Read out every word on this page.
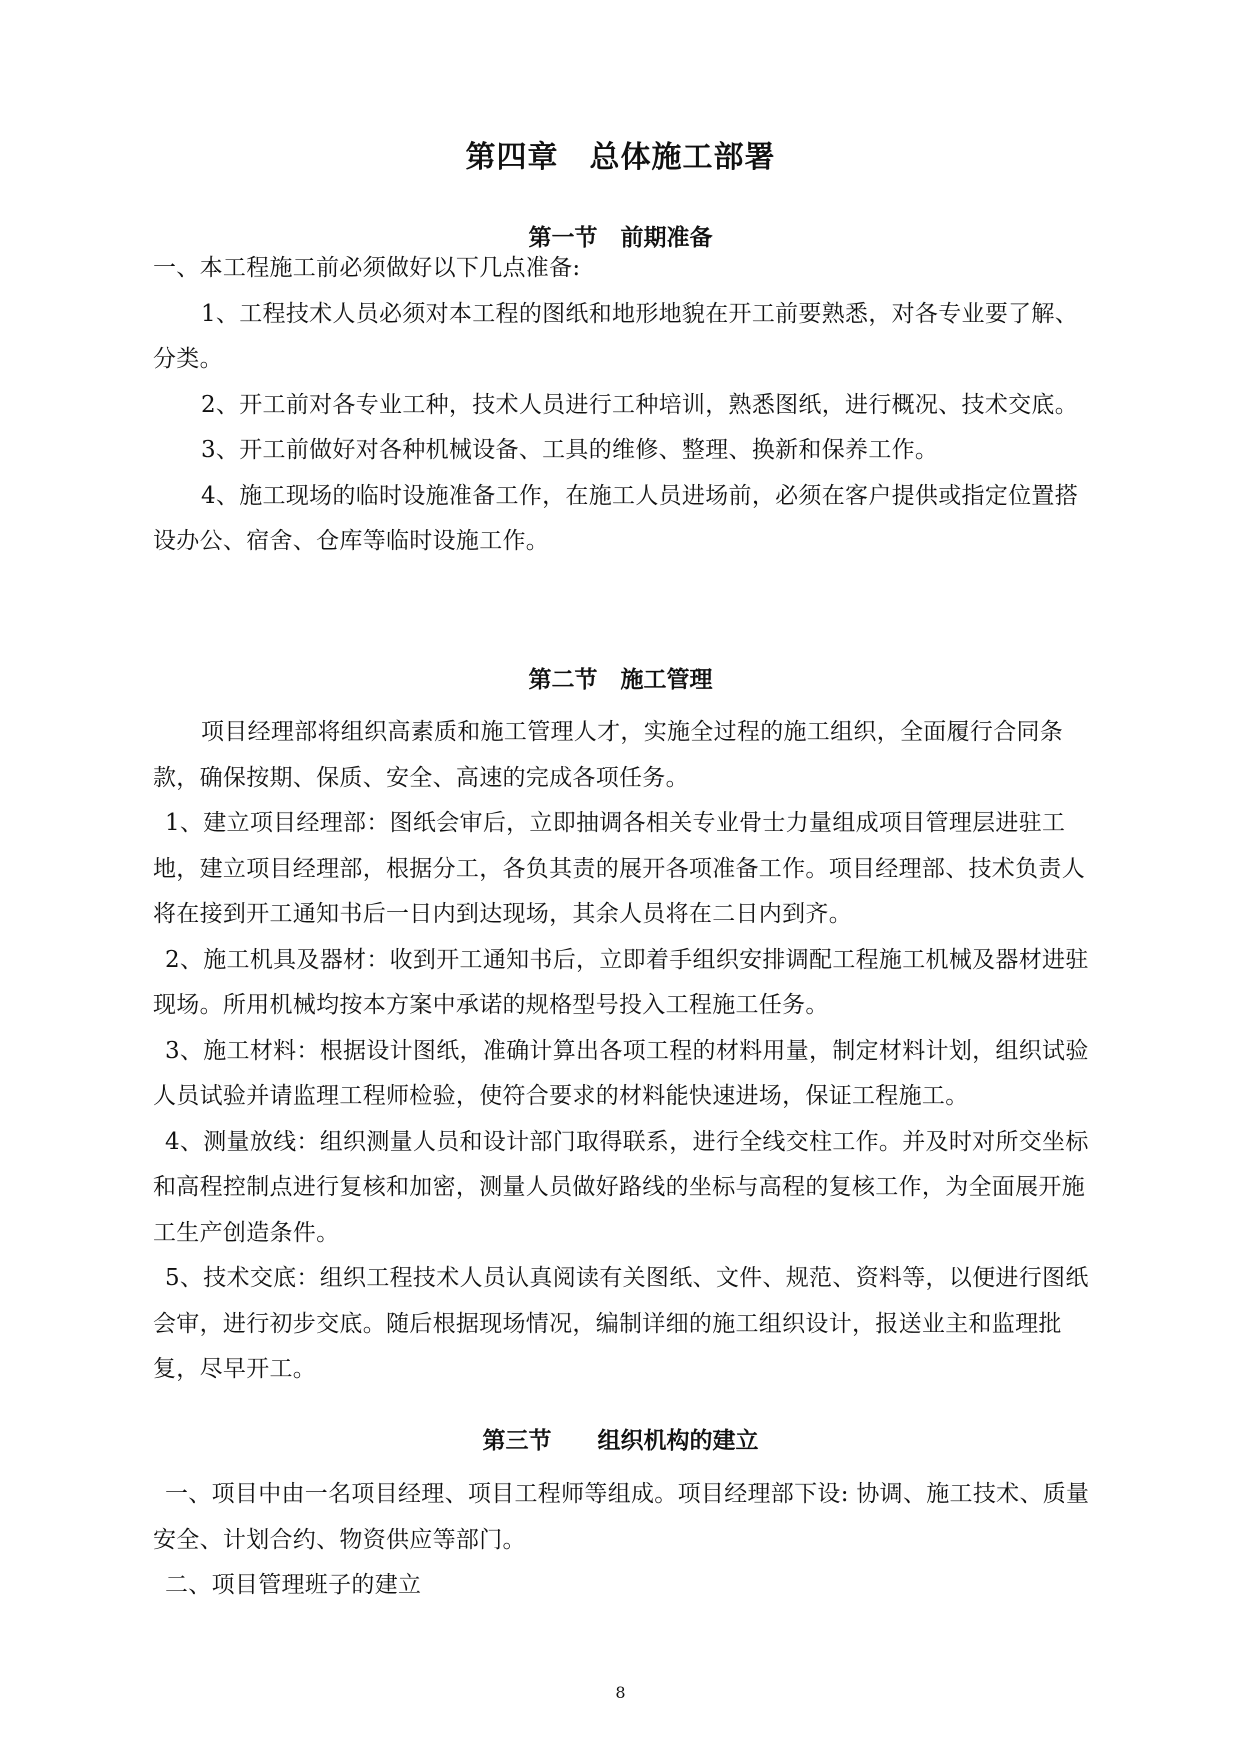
第四章　总体施工部署
第一节　前期准备

一、本工程施工前必须做好以下几点准备:

1、工程技术人员必须对本工程的图纸和地形地貌在开工前要熟悉，对各专业要了解、分类。

2、开工前对各专业工种，技术人员进行工种培训，熟悉图纸，进行概况、技术交底。

3、开工前做好对各种机械设备、工具的维修、整理、换新和保养工作。

4、施工现场的临时设施准备工作，在施工人员进场前，必须在客户提供或指定位置搭设办公、宿舍、仓库等临时设施工作。

第二节　施工管理

项目经理部将组织高素质和施工管理人才，实施全过程的施工组织，全面履行合同条款，确保按期、保质、安全、高速的完成各项任务。

1、建立项目经理部：图纸会审后，立即抽调各相关专业骨士力量组成项目管理层进驻工地，建立项目经理部，根据分工，各负其责的展开各项准备工作。项目经理部、技术负责人将在接到开工通知书后一日内到达现场，其余人员将在二日内到齐。

2、施工机具及器材：收到开工通知书后，立即着手组织安排调配工程施工机械及器材进驻现场。所用机械均按本方案中承诺的规格型号投入工程施工任务。

3、施工材料：根据设计图纸，准确计算出各项工程的材料用量，制定材料计划，组织试验人员试验并请监理工程师检验，使符合要求的材料能快速进场，保证工程施工。

4、测量放线：组织测量人员和设计部门取得联系，进行全线交柱工作。并及时对所交坐标和高程控制点进行复核和加密，测量人员做好路线的坐标与高程的复核工作，为全面展开施工生产创造条件。

5、技术交底：组织工程技术人员认真阅读有关图纸、文件、规范、资料等，以便进行图纸会审，进行初步交底。随后根据现场情况，编制详细的施工组织设计，报送业主和监理批复，尽早开工。

第三节　　组织机构的建立

一、项目中由一名项目经理、项目工程师等组成。项目经理部下设: 协调、施工技术、质量安全、计划合约、物资供应等部门。

二、项目管理班子的建立

8
